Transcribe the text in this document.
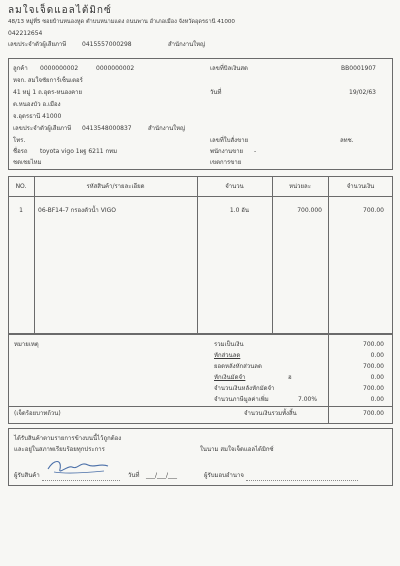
ลมใจเจ็ดแอลไต้มิกซ์
48/13 หมู่ที่5 ซอยบ้านหนองหูด ตำบนหนามแดง ถนนพาน อำเภอเมือง จังหวัดอุดรธานี 41000
042212654
เลขประจำตัวผู้เสียภาษี	0415557000298	สำนักงานใหญ่
ลูกค้า 0000000002	0000000002
หจก. สมใจชัยการ์เซ็นเตอร์
41 หมู่ 1 ถ.อุดร-หนองคาย
ต.หนองบัว อ.เมือง
จ.อุดรธานี 41000
เลขประจำตัวผู้เสียภาษี 0413548000837	สำนักงานใหญ่
โทร.
ชื่อรถ toyota vigo 1ผฐ 6211 กทม
ชดเชยไหม
เลขที่บิลเงินสด	BB0001907
วันที่	19/02/63
เลขที่ใบสั่งขาย	ลทช.
พนักงานขาย -
เขตการขาย
NO.	รหัสสินค้า/รายละเอียด	จำนวน	หน่วยละ	จำนวนเงิน
1	06-BF14-7 กรองตัวน้ำ VIGO	1.0 อัน	700.000	700.00
หมายเหตุ	รวมเป็นเงิน	700.00
หักส่วนลด	0.00
ยอดหลังหักส่วนลด	700.00
หักเงินมัดจำ	ฮ	0.00
จำนวนเงินหลังหักมัดจำ	700.00
จำนวนภาษีมูลค่าเพิ่ม	7.00%	0.00
(เจ็ดร้อยบาทถ้วน)	จำนวนเงินรวมทั้งสิ้น	700.00
ได้รับสินค้าตามรายการข้างบนนี้ไว้ถูกต้อง
และอยู่ในสภาพเรียบร้อยทุกประการ	ในนาม สมใจเจ็ดแอลไต้มิกซ์
ผู้รับสินค้า	วันที่ ___/___/___	ผู้รับมอบอำนาจ
